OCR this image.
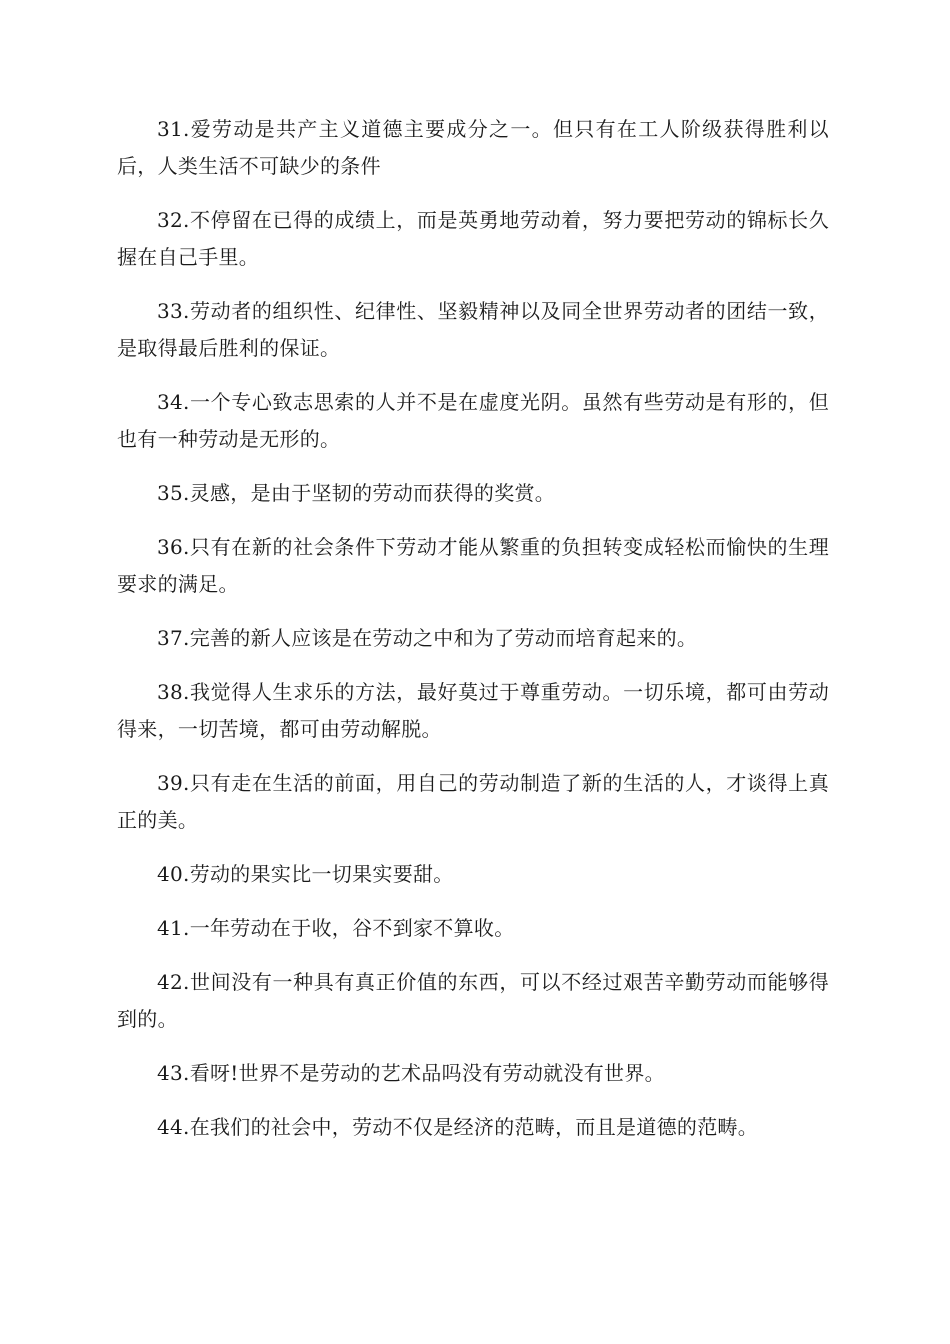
31.爱劳动是共产主义道德主要成分之一。但只有在工人阶级获得胜利以后，人类生活不可缺少的条件

32.不停留在已得的成绩上，而是英勇地劳动着，努力要把劳动的锦标长久握在自己手里。

33.劳动者的组织性、纪律性、坚毅精神以及同全世界劳动者的团结一致，是取得最后胜利的保证。

34.一个专心致志思索的人并不是在虚度光阴。虽然有些劳动是有形的，但也有一种劳动是无形的。

35.灵感，是由于坚韧的劳动而获得的奖赏。

36.只有在新的社会条件下劳动才能从繁重的负担转变成轻松而愉快的生理要求的满足。

37.完善的新人应该是在劳动之中和为了劳动而培育起来的。

38.我觉得人生求乐的方法，最好莫过于尊重劳动。一切乐境，都可由劳动得来，一切苦境，都可由劳动解脱。

39.只有走在生活的前面，用自己的劳动制造了新的生活的人，才谈得上真正的美。

40.劳动的果实比一切果实要甜。

41.一年劳动在于收，谷不到家不算收。

42.世间没有一种具有真正价值的东西，可以不经过艰苦辛勤劳动而能够得到的。

43.看呀!世界不是劳动的艺术品吗没有劳动就没有世界。

44.在我们的社会中，劳动不仅是经济的范畴，而且是道德的范畴。
